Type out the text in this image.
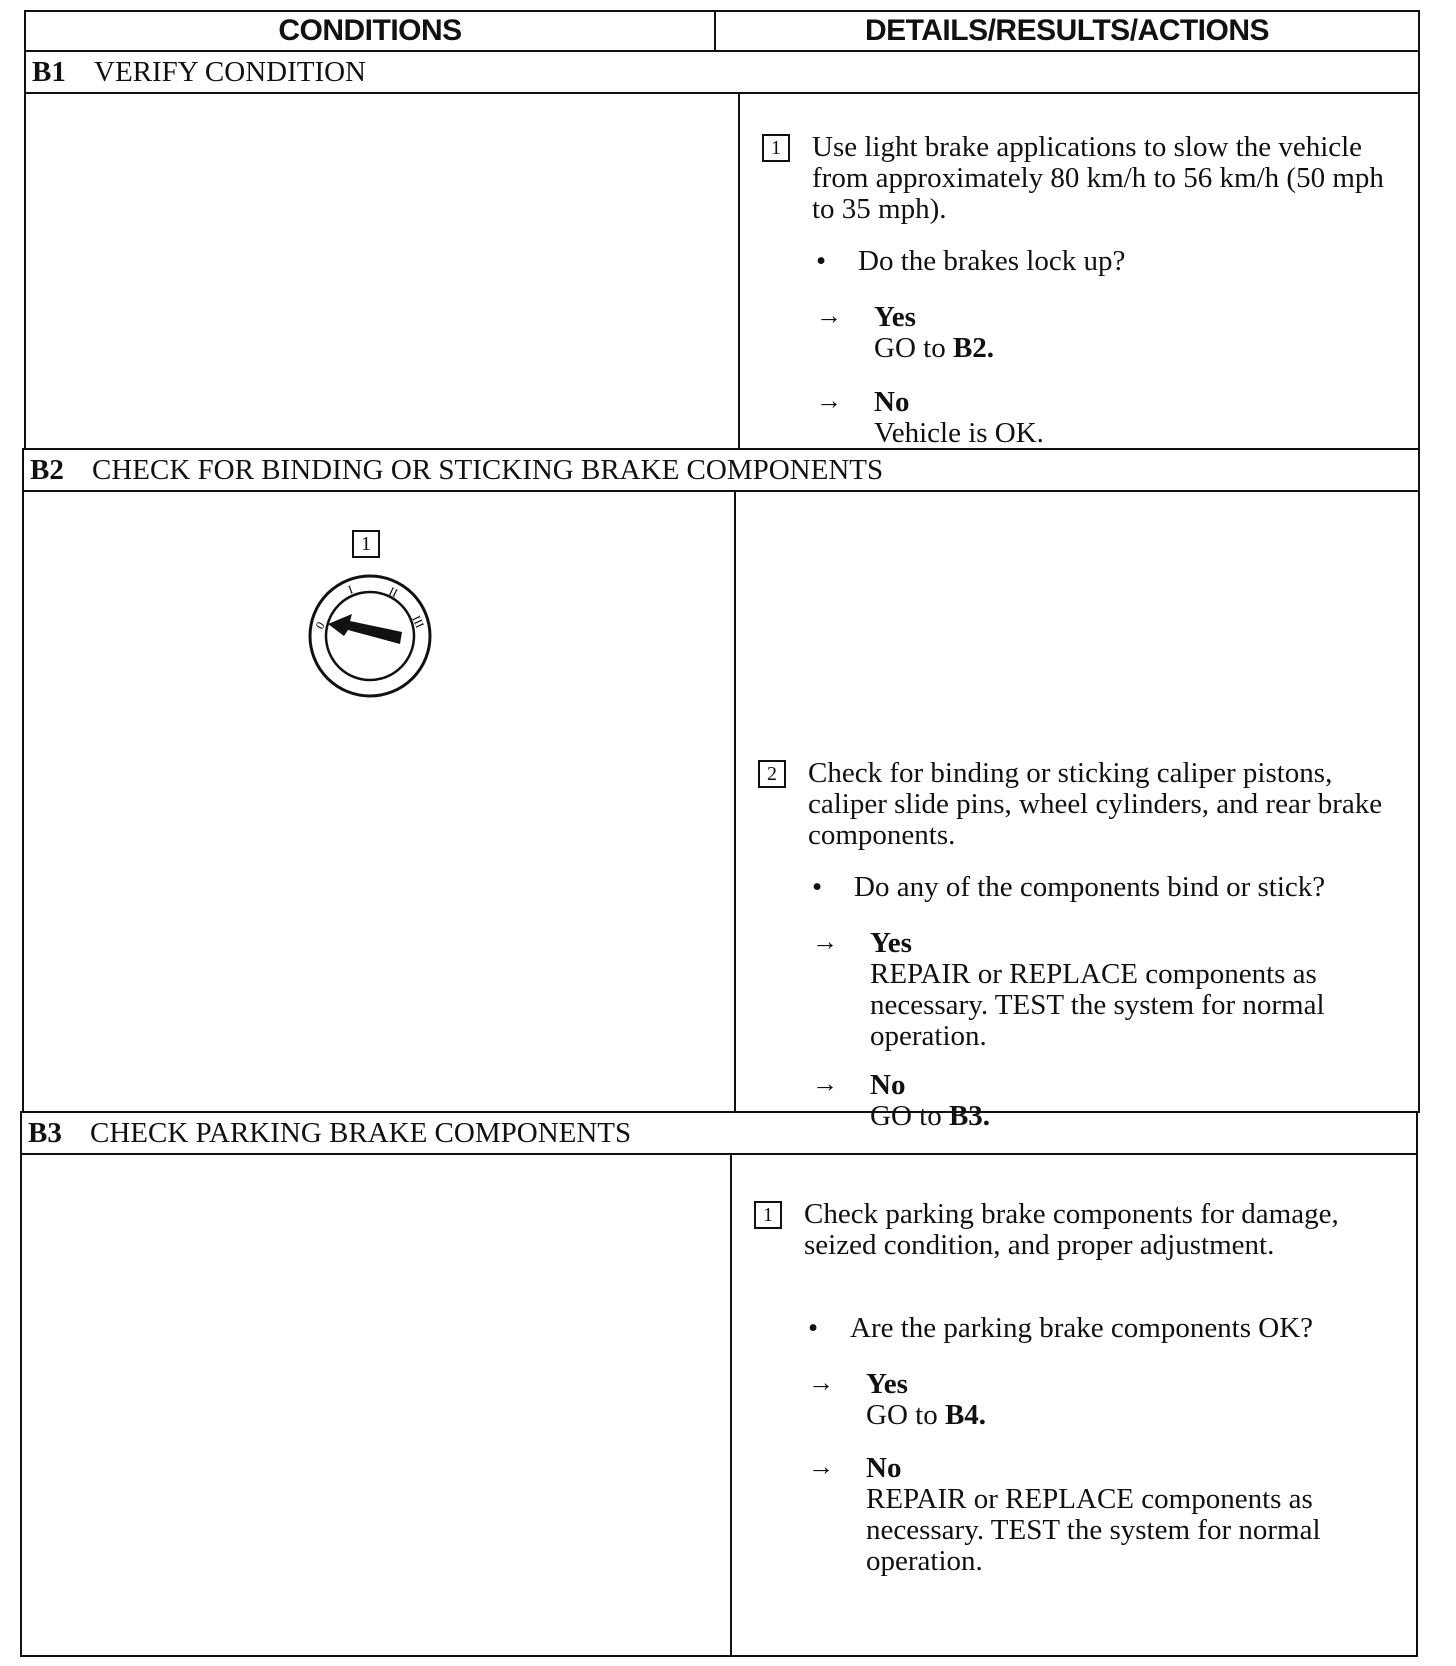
CONDITIONS	DETAILS/RESULTS/ACTIONS
B1 VERIFY CONDITION
1	Use light brake applications to slow the vehicle from approximately 80 km/h to 56 km/h (50 mph to 35 mph).
• Do the brakes lock up?
→ Yes
GO to B2.
→ No
Vehicle is OK.
B2 CHECK FOR BINDING OR STICKING BRAKE COMPONENTS
1
0
I	II
III
2	Check for binding or sticking caliper pistons, caliper slide pins, wheel cylinders, and rear brake components.
• Do any of the components bind or stick?
→ Yes
REPAIR or REPLACE components as necessary. TEST the system for normal operation.
→ No
GO to B3.
B3 CHECK PARKING BRAKE COMPONENTS
1	Check parking brake components for damage, seized condition, and proper adjustment.
• Are the parking brake components OK?
→ Yes
GO to B4.
→ No
REPAIR or REPLACE components as necessary. TEST the system for normal operation.
